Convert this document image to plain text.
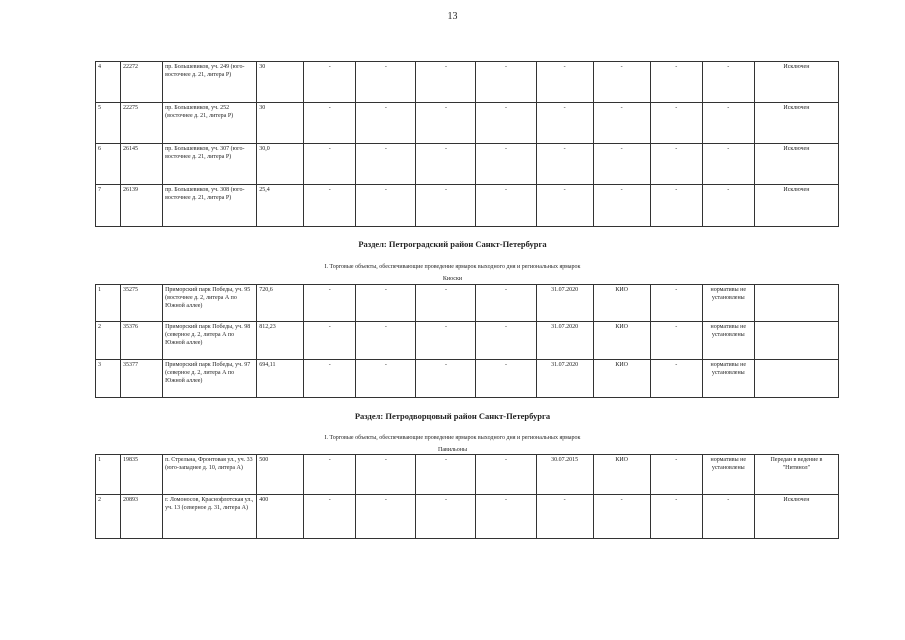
13
4	22272	пр. Большевиков, уч. 249 (юго-восточнее д. 21, литера Р)	30	-	-	-	-	-	-	-	-	Исключен
5	22275	пр. Большевиков, уч. 252 (восточнее д. 21, литера Р)	30	-	-	-	-	-	-	-	-	Исключен
6	26145	пр. Большевиков, уч. 307 (юго-восточнее д. 21, литера Р)	30,0	-	-	-	-	-	-	-	-	Исключен
7	26139	пр. Большевиков, уч. 308 (юго-восточнее д. 21, литера Р)	25,4	-	-	-	-	-	-	-	-	Исключен
Раздел: Петроградский район Санкт-Петербурга
I. Торговые объекты, обеспечивающие проведение ярмарок выходного дня и региональных ярмарок
Киоски
1	35275	Приморский парк Победы, уч. 95 (восточнее д. 2, литера А по Южной аллее)	720,6	-	-	-	-	31.07.2020	КИО	-	нормативы не установлены	
2	35376	Приморский парк Победы, уч. 98 (северное д. 2, литера А по Южной аллее)	812,23	-	-	-	-	31.07.2020	КИО	-	нормативы не установлены	
3	35377	Приморский парк Победы, уч. 97 (северное д. 2, литера А по Южной аллее)	694,11	-	-	-	-	31.07.2020	КИО	-	нормативы не установлены	
Раздел: Петродворцовый район Санкт-Петербурга
I. Торговые объекты, обеспечивающие проведение ярмарок выходного дня и региональных ярмарок
Павильоны
1	19835	п. Стрельна, Фронтовая ул., уч. 33 (юго-западнее д. 10, литера А)	500	-	-	-	-	30.07.2015	КИО	-	нормативы не установлены	Передан в ведение в "Нитинол"
2	20893	г. Ломоносов, Краснофлотская ул., уч. 13 (северное д. 31, литера А)	400	-	-	-	-	-	-	-	-	Исключен
